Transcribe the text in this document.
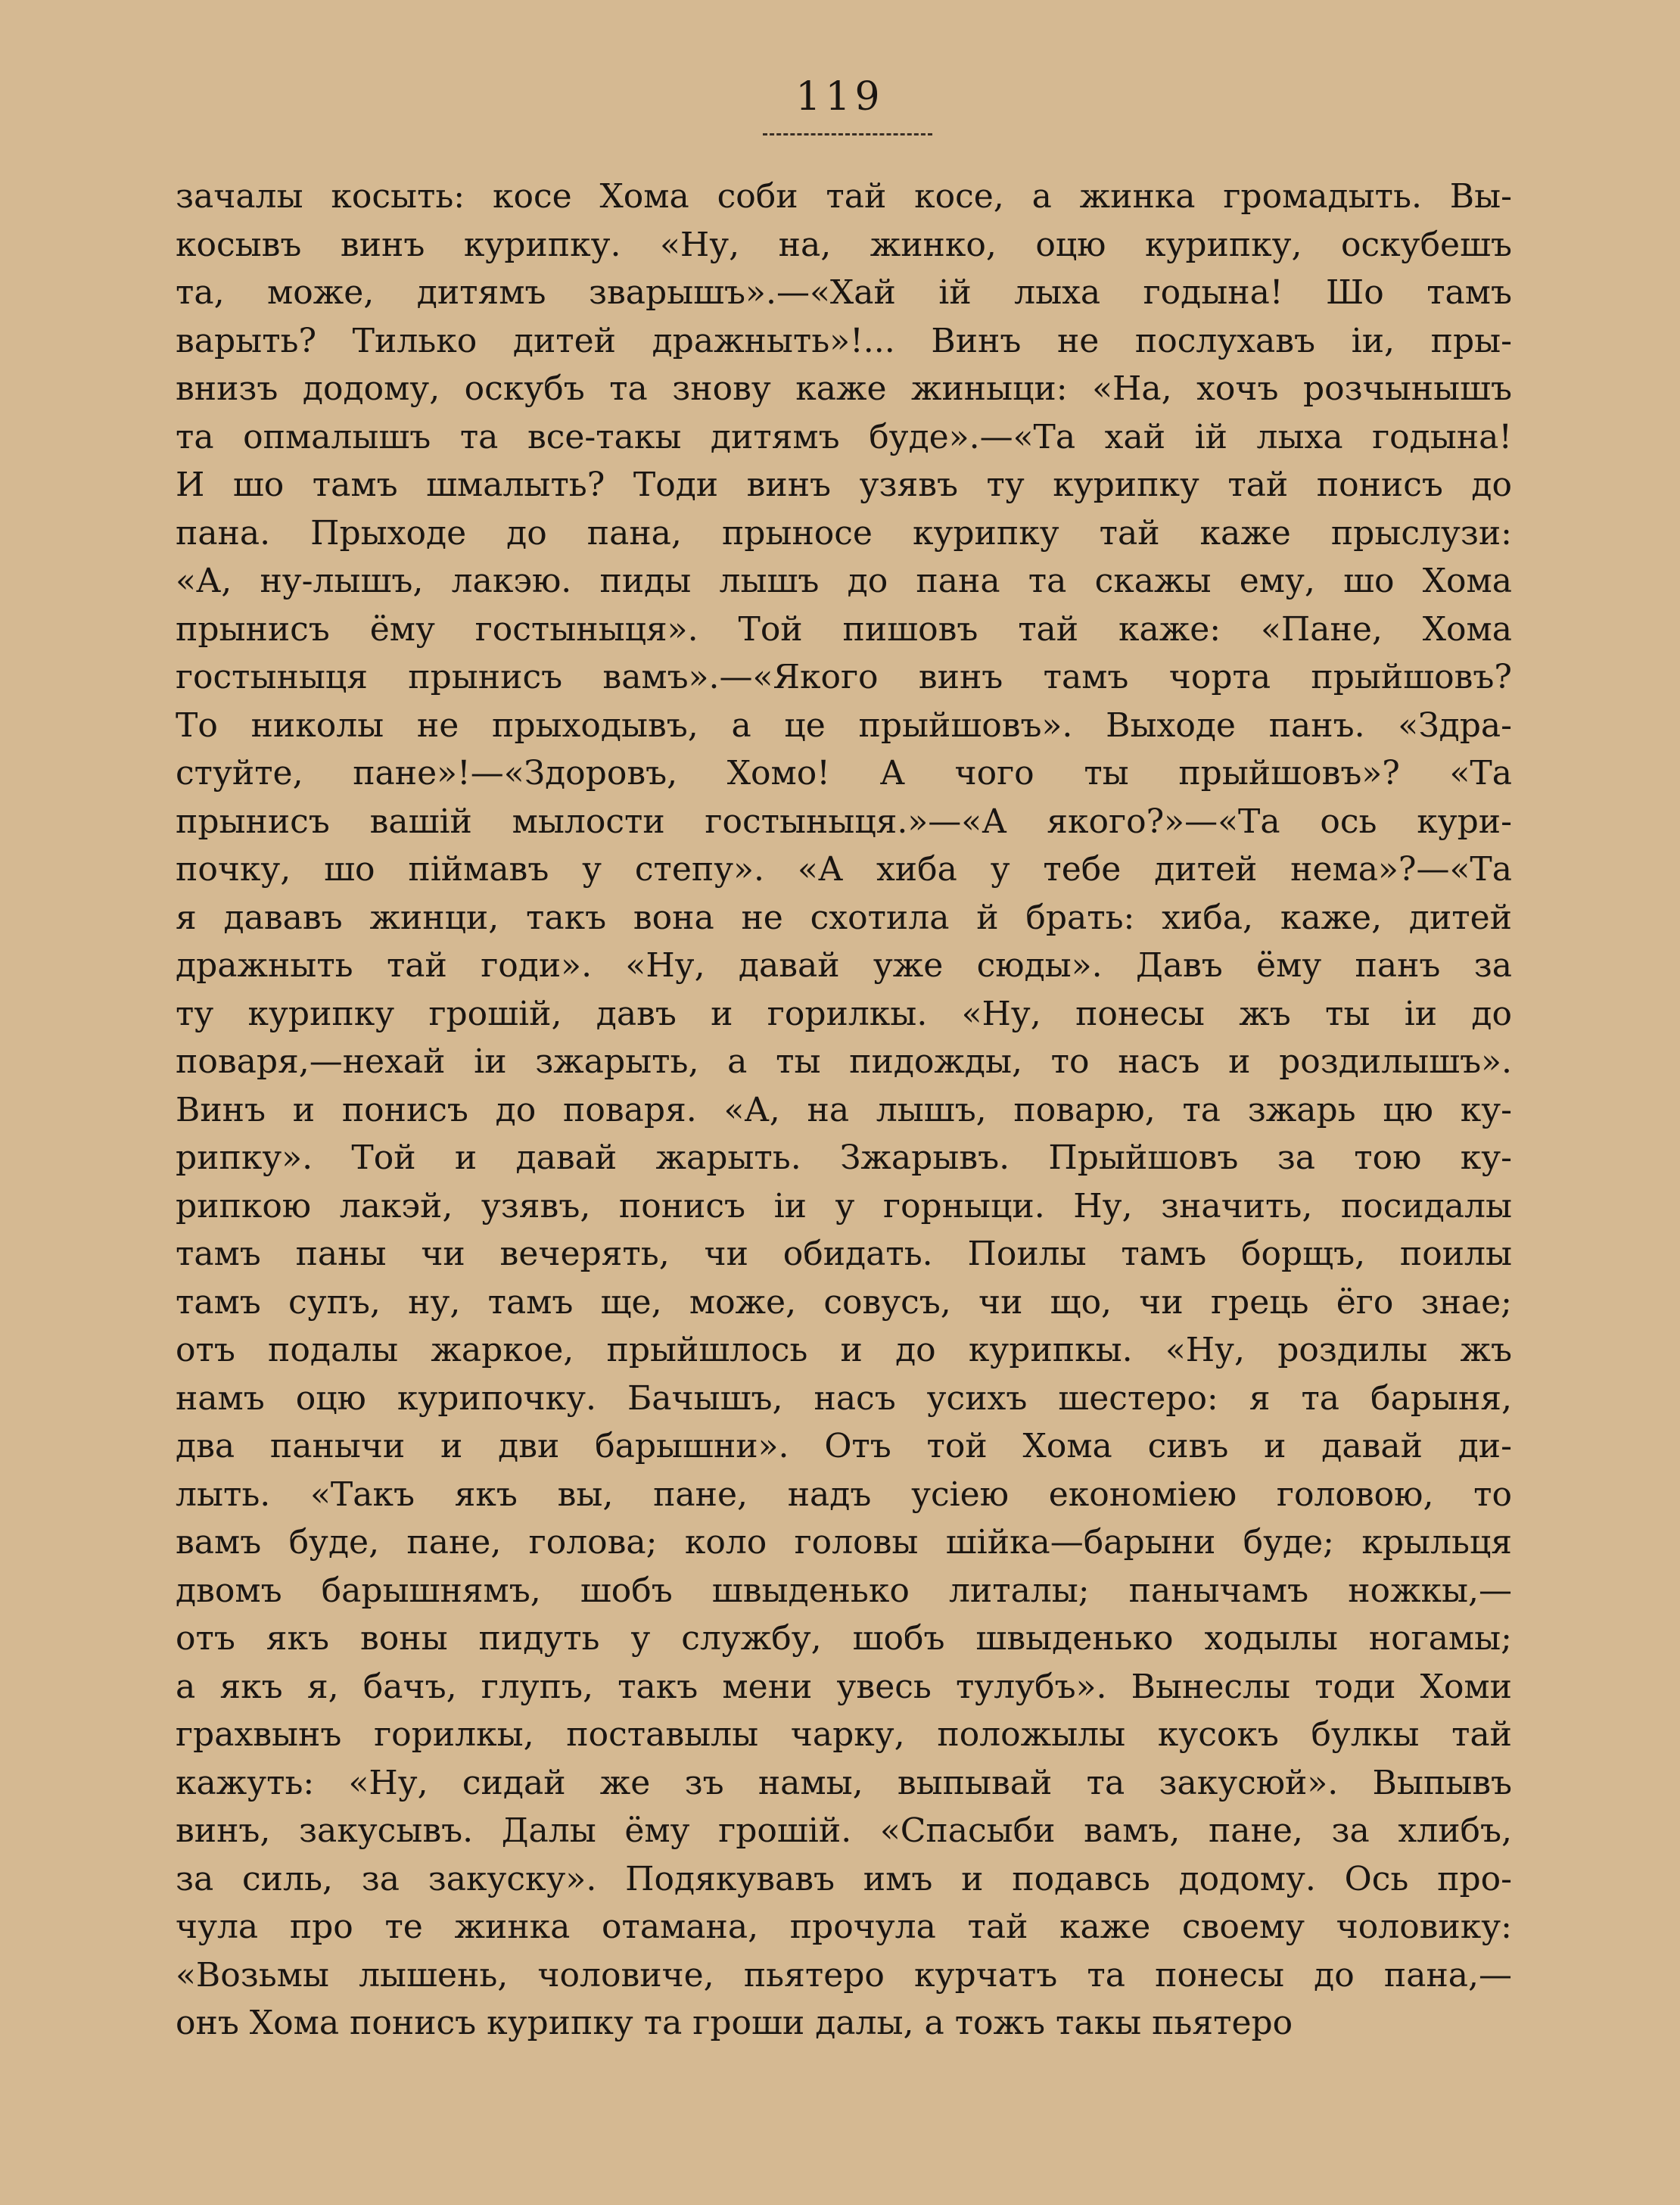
119
зачалы косыть: косе Хома соби тай косе, а жинка громадыть. Вы-
косывъ винъ курипку. «Ну, на, жинко, оцю курипку, оскубешъ
та, може, дитямъ зварышъ».—«Хай ій лыха годына! Шо тамъ
варыть? Тилько дитей дражныть»!... Винъ не послухавъ іи, пры-
внизъ додому, оскубъ та знову каже жиныци: «На, хочъ розчынышъ
та опмалышъ та все-такы дитямъ буде».—«Та хай ій лыха годына!
И шо тамъ шмалыть? Тоди винъ узявъ ту курипку тай понисъ до
пана. Прыходе до пана, прыносе курипку тай каже прыслузи:
«А, ну-лышъ, лакэю. пиды лышъ до пана та скажы ему, шо Хома
прынисъ ёму гостыныця». Той пишовъ тай каже: «Пане, Хома
гостыныця прынисъ вамъ».—«Якого винъ тамъ чорта прыйшовъ?
То николы не прыходывъ, а це прыйшовъ». Выходе панъ. «Здра-
стуйте, пане»!—«Здоровъ, Хомо! А чого ты прыйшовъ»? «Та
прынисъ вашій мылости гостыныця.»—«А якого?»—«Та ось кури-
почку, шо піймавъ у степу». «А хиба у тебе дитей нема»?—«Та
я дававъ жинци, такъ вона не схотила й брать: хиба, каже, дитей
дражныть тай годи». «Ну, давай уже сюды». Давъ ёму панъ за
ту курипку грошій, давъ и горилкы. «Ну, понесы жъ ты іи до
поваря,—нехай іи зжарыть, а ты пидожды, то насъ и роздилышъ».
Винъ и понисъ до поваря. «А, на лышъ, поварю, та зжарь цю ку-
рипку». Той и давай жарыть. Зжарывъ. Прыйшовъ за тою ку-
рипкою лакэй, узявъ, понисъ іи у горныци. Ну, значить, посидалы
тамъ паны чи вечерять, чи обидать. Поилы тамъ борщъ, поилы
тамъ супъ, ну, тамъ ще, може, совусъ, чи що, чи грець ёго знае;
отъ подалы жаркое, прыйшлось и до курипкы. «Ну, роздилы жъ
намъ оцю курипочку. Бачышъ, насъ усихъ шестеро: я та барыня,
два панычи и дви барышни». Отъ той Хома сивъ и давай ди-
лыть. «Такъ якъ вы, пане, надъ усіею економіею головою, то
вамъ буде, пане, голова; коло головы шійка—барыни буде; крыльця
двомъ барышнямъ, шобъ швыденько литалы; панычамъ ножкы,—
отъ якъ воны пидуть у службу, шобъ швыденько ходылы ногамы;
а якъ я, бачъ, глупъ, такъ мени увесь тулубъ». Вынеслы тоди Хоми
грахвынъ горилкы, поставылы чарку, положылы кусокъ булкы тай
кажуть: «Ну, сидай же зъ намы, выпывай та закусюй». Выпывъ
винъ, закусывъ. Далы ёму грошій. «Спасыби вамъ, пане, за хлибъ,
за силь, за закуску». Подякувавъ имъ и подавсь додому. Ось про-
чула про те жинка отамана, прочула тай каже своему чоловику:
«Возьмы лышень, чоловиче, пьятеро курчатъ та понесы до пана,—
онъ Хома понисъ курипку та гроши далы, а тожъ такы пьятеро
